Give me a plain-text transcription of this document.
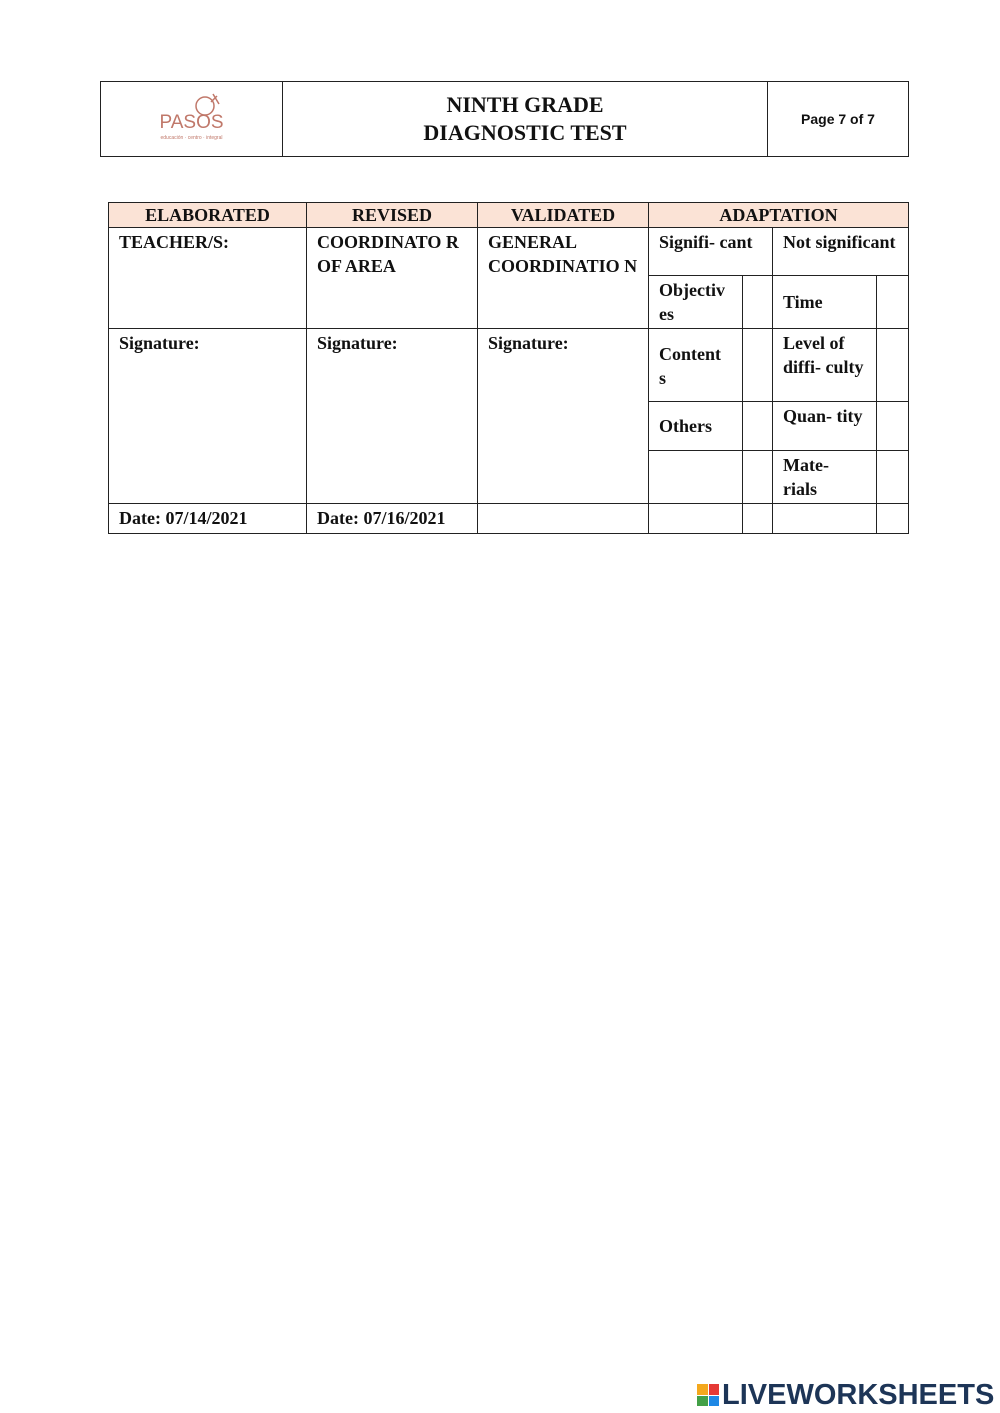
PASOS
educación · centro · integral
NINTH GRADE
DIAGNOSTIC TEST
Page 7 of 7
ELABORATED	REVISED	VALIDATED	ADAPTATION			
TEACHER/S:	COORDINATO R OF AREA	GENERAL COORDINATIO N	Signifi- cant		Not significant	
			Objectiv es		Time	
Signature:	Signature:	Signature:	Content s		Level of diffi- culty	
			Others		Quan- tity	
					Mate- rials	
Date: 07/14/2021	Date: 07/16/2021					
LIVEWORKSHEETS
